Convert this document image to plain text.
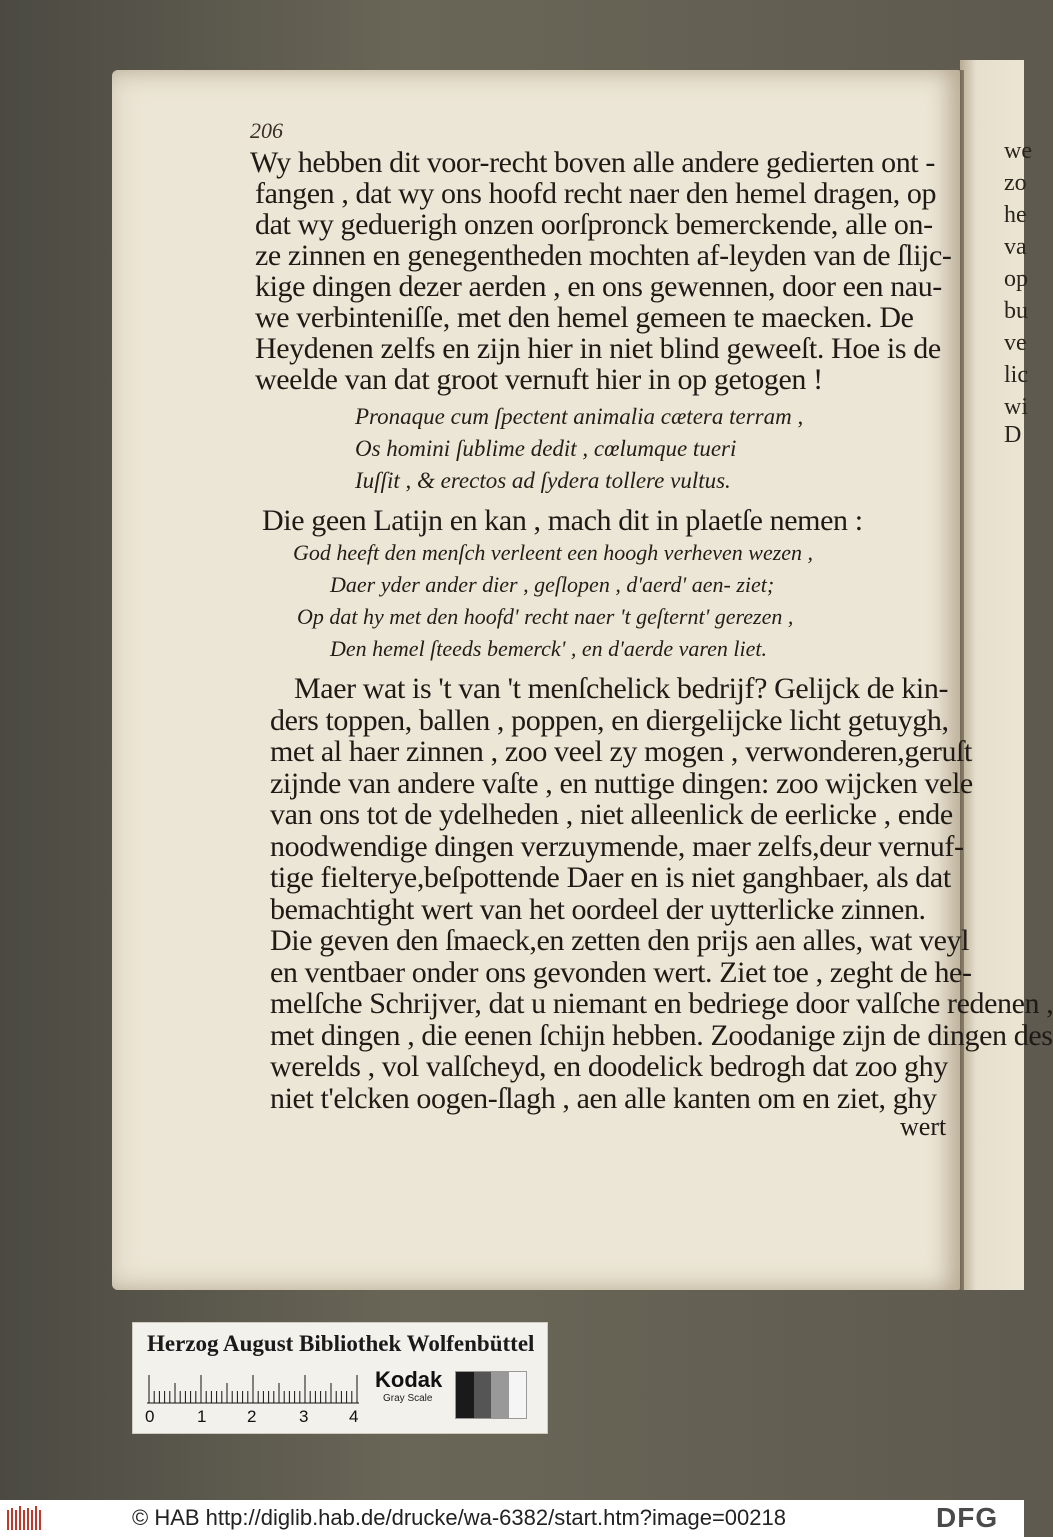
we
zo
he
va
op
bu
ve
lic
wi
D
206
Wy hebben dit voor-recht boven alle andere gedierten ont -
fangen , dat wy ons hoofd recht naer den hemel dragen, op
dat wy geduerigh onzen oorſpronck bemerckende, alle on-
ze zinnen en genegentheden mochten af-leyden van de ſlijc-
kige dingen dezer aerden , en ons gewennen, door een nau-
we verbinteniſſe, met den hemel gemeen te maecken. De
Heydenen zelfs en zijn hier in niet blind geweeſt. Hoe is de
weelde van dat groot vernuft hier in op getogen !
Pronaque cum ſpectent animalia cætera terram ,
Os homini ſublime dedit , cœlumque tueri
Iuſſit , & erectos ad ſydera tollere vultus.
Die geen Latijn en kan , mach dit in plaetſe nemen :
God heeft den menſch verleent een hoogh verheven wezen ,
Daer yder ander dier , geſlopen , d'aerd' aen- ziet;
Op dat hy met den hoofd' recht naer 't geſternt' gerezen ,
Den hemel ſteeds bemerck' , en d'aerde varen liet.
Maer wat is 't van 't menſchelick bedrijf? Gelijck de kin-
ders toppen, ballen , poppen, en diergelijcke licht getuygh,
met al haer zinnen , zoo veel zy mogen , verwonderen,geruſt
zijnde van andere vaſte , en nuttige dingen: zoo wijcken vele
van ons tot de ydelheden , niet alleenlick de eerlicke , ende
noodwendige dingen verzuymende, maer zelfs,deur vernuf-
tige fielterye,beſpottende Daer en is niet ganghbaer, als dat
bemachtight wert van het oordeel der uytterlicke zinnen.
Die geven den ſmaeck,en zetten den prijs aen alles, wat veyl
en ventbaer onder ons gevonden wert. Ziet toe , zeght de he-
melſche Schrijver, dat u niemant en bedriege door valſche redenen ,
met dingen , die eenen ſchijn hebben. Zoodanige zijn de dingen des
werelds , vol valſcheyd, en doodelick bedrogh dat zoo ghy
niet t'elcken oogen-ſlagh , aen alle kanten om en ziet, ghy
wert
Herzog August Bibliothek Wolfenbüttel
0	1 2	3 4
Kodak
Gray Scale
© HAB http://diglib.hab.de/drucke/wa-6382/start.htm?image=00218	DFG
